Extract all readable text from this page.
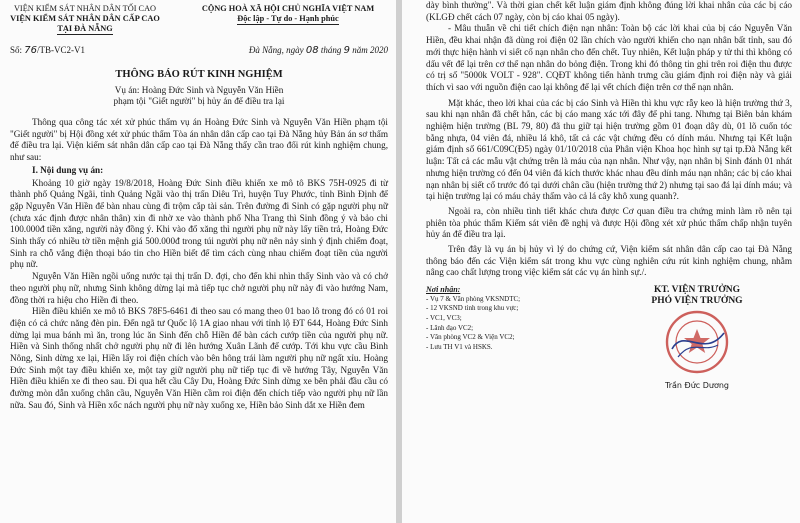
VIỆN KIỂM SÁT NHÂN DÂN TỐI CAO
VIỆN KIỂM SÁT NHÂN DÂN CẤP CAO
TẠI ĐÀ NẴNG
CỘNG HOÀ XÃ HỘI CHỦ NGHĨA VIỆT NAM
Độc lập - Tự do - Hạnh phúc
Số: 76/TB-VC2-V1	Đà Nẵng, ngày 08 tháng 9 năm 2020
THÔNG BÁO RÚT KINH NGHIỆM
Vụ án: Hoàng Đức Sinh và Nguyễn Văn Hiền
phạm tội "Giết người" bị hủy án để điều tra lại

Thông qua công tác xét xử phúc thẩm vụ án Hoàng Đức Sinh và Nguyễn Văn Hiền phạm tội "Giết người" bị Hội đồng xét xử phúc thẩm Tòa án nhân dân cấp cao tại Đà Nẵng hủy Bản án sơ thẩm để điều tra lại. Viện kiểm sát nhân dân cấp cao tại Đà Nẵng thấy cần trao đổi rút kinh nghiệm chung, như sau:

I. Nội dung vụ án:

Khoảng 10 giờ ngày 19/8/2018, Hoàng Đức Sinh điều khiển xe mô tô BKS 75H-0925 đi từ thành phố Quảng Ngãi, tỉnh Quảng Ngãi vào thị trấn Diêu Trì, huyện Tuy Phước, tỉnh Bình Định để gặp Nguyễn Văn Hiền để bàn nhau cùng đi trộm cắp tài sản. Trên đường đi Sinh có gặp người phụ nữ (chưa xác định được nhân thân) xin đi nhờ xe vào thành phố Nha Trang thì Sinh đồng ý và bảo chi 100.000đ tiền xăng, người này đồng ý. Khi vào đổ xăng thì người phụ nữ này lấy tiền trả, Hoàng Đức Sinh thấy có nhiều tờ tiền mệnh giá 500.000đ trong túi người phụ nữ nên nảy sinh ý định chiếm đoạt, Sinh ra chỗ vắng điện thoại báo tin cho Hiền biết để tìm cách cùng nhau chiếm đoạt tiền của người phụ nữ.

Nguyễn Văn Hiền ngồi uống nước tại thị trấn D. đợi, cho đến khi nhìn thấy Sinh vào và có chở theo người phụ nữ, nhưng Sinh không dừng lại mà tiếp tục chở người phụ nữ này đi vào hướng Nam, đồng thời ra hiệu cho Hiền đi theo.

Hiền điều khiển xe mô tô BKS 78F5-6461 đi theo sau có mang theo 01 bao lô trong đó có 01 roi điện có cả chức năng đèn pin. Đến ngã tư Quốc lộ 1A giao nhau với tỉnh lộ ĐT 644, Hoàng Đức Sinh dừng lại mua bánh mì ăn, trong lúc ăn Sinh đến chỗ Hiền để bàn cách cướp tiền của người phụ nữ. Hiền và Sinh thống nhất chở người phụ nữ đi lên hướng Xuân Lãnh để cướp. Tới khu vực cầu Bình Nông, Sinh dừng xe lại, Hiền lấy roi điện chích vào bên hông trái làm người phụ nữ ngất xỉu. Hoàng Đức Sinh một tay điều khiển xe, một tay giữ người phụ nữ tiếp tục đi về hướng Tây, Nguyễn Văn Hiền điều khiển xe đi theo sau. Đi qua hết cầu Cây Du, Hoàng Đức Sinh dừng xe bên phải đầu cầu có đường mòn dẫn xuống chân cầu, Nguyễn Văn Hiền cầm roi điện đến chích tiếp vào người phụ nữ lần nữa. Sau đó, Sinh và Hiền xốc nách người phụ nữ này xuống xe, Hiền bảo Sinh dắt xe Hiền đem

dày bình thường". Và thời gian chết kết luận giám định không đúng lời khai nhân của các bị cáo (KLGĐ chết cách 07 ngày, còn bị cáo khai 05 ngày).

- Mâu thuẫn về chi tiết chích điện nạn nhân: Toàn bộ các lời khai của bị cáo Nguyễn Văn Hiền, đều khai nhận đã dùng roi điện 02 lần chích vào người khiến cho nạn nhân bất tỉnh, sau đó mới thực hiện hành vi siết cổ nạn nhân cho đến chết. Tuy nhiên, Kết luận pháp y tử thi thì không có dấu vết để lại trên cơ thể nạn nhân do bỏng điện. Trong khi đó thông tin ghi trên roi điện thu được có trị số "5000k VOLT - 928". CQĐT không tiến hành trưng cầu giám định roi điện này và giải thích vì sao với nguồn điện cao lại không để lại vết chích điện trên cơ thể nạn nhân.

Mặt khác, theo lời khai của các bị cáo Sinh và Hiền thì khu vực rẫy keo là hiện trường thứ 3, sau khi nạn nhân đã chết hẳn, các bị cáo mang xác tới đây để phi tang. Nhưng tại Biên bản khám nghiệm hiện trường (BL 79, 80) đã thu giữ tại hiện trường gồm 01 đoạn dây dù, 01 lõ cuốn tóc bằng nhựa, 04 viên đá, nhiều lá khô, tất cả các vật chứng đều có dính máu. Nhưng tại Kết luận giám định số 661/C09C(Đ5) ngày 01/10/2018 của Phân viện Khoa học hình sự tại tp.Đà Nẵng kết luận: Tất cả các mẫu vật chứng trên là máu của nạn nhân. Như vậy, nạn nhân bị Sinh đánh 01 nhát nhưng hiện trường có đến 04 viên đá kích thước khác nhau đều dính máu nạn nhân; các bị cáo khai nạn nhân bị siết cổ trước đó tại dưới chân cầu (hiện trường thứ 2) nhưng tại sao đá lại dính máu; và tại hiện trường lại có máu chảy thấm vào cả lá cây khô xung quanh?.

Ngoài ra, còn nhiều tình tiết khác chưa được Cơ quan điều tra chứng minh làm rõ nên tại phiên tòa phúc thẩm Kiểm sát viên đề nghị và được Hội đồng xét xử phúc thẩm chấp nhận tuyên hủy án để điều tra lại.

Trên đây là vụ án bị hủy vì lý do chứng cứ, Viện kiểm sát nhân dân cấp cao tại Đà Nẵng thông báo đến các Viện kiểm sát trong khu vực cùng nghiên cứu rút kinh nghiệm chung, nhằm nâng cao chất lượng trong việc kiểm sát các vụ án hình sự./.

Nơi nhận:
- Vụ 7 & Văn phòng VKSNDTC;
- 12 VKSND tỉnh trong khu vực;
- VC1, VC3;
- Lãnh đạo VC2;
- Văn phòng VC2 & Viện VC2;
- Lưu TH V1 và HSKS.
KT. VIỆN TRƯỞNG
PHÓ VIỆN TRƯỞNG
Trần Đức Dương
